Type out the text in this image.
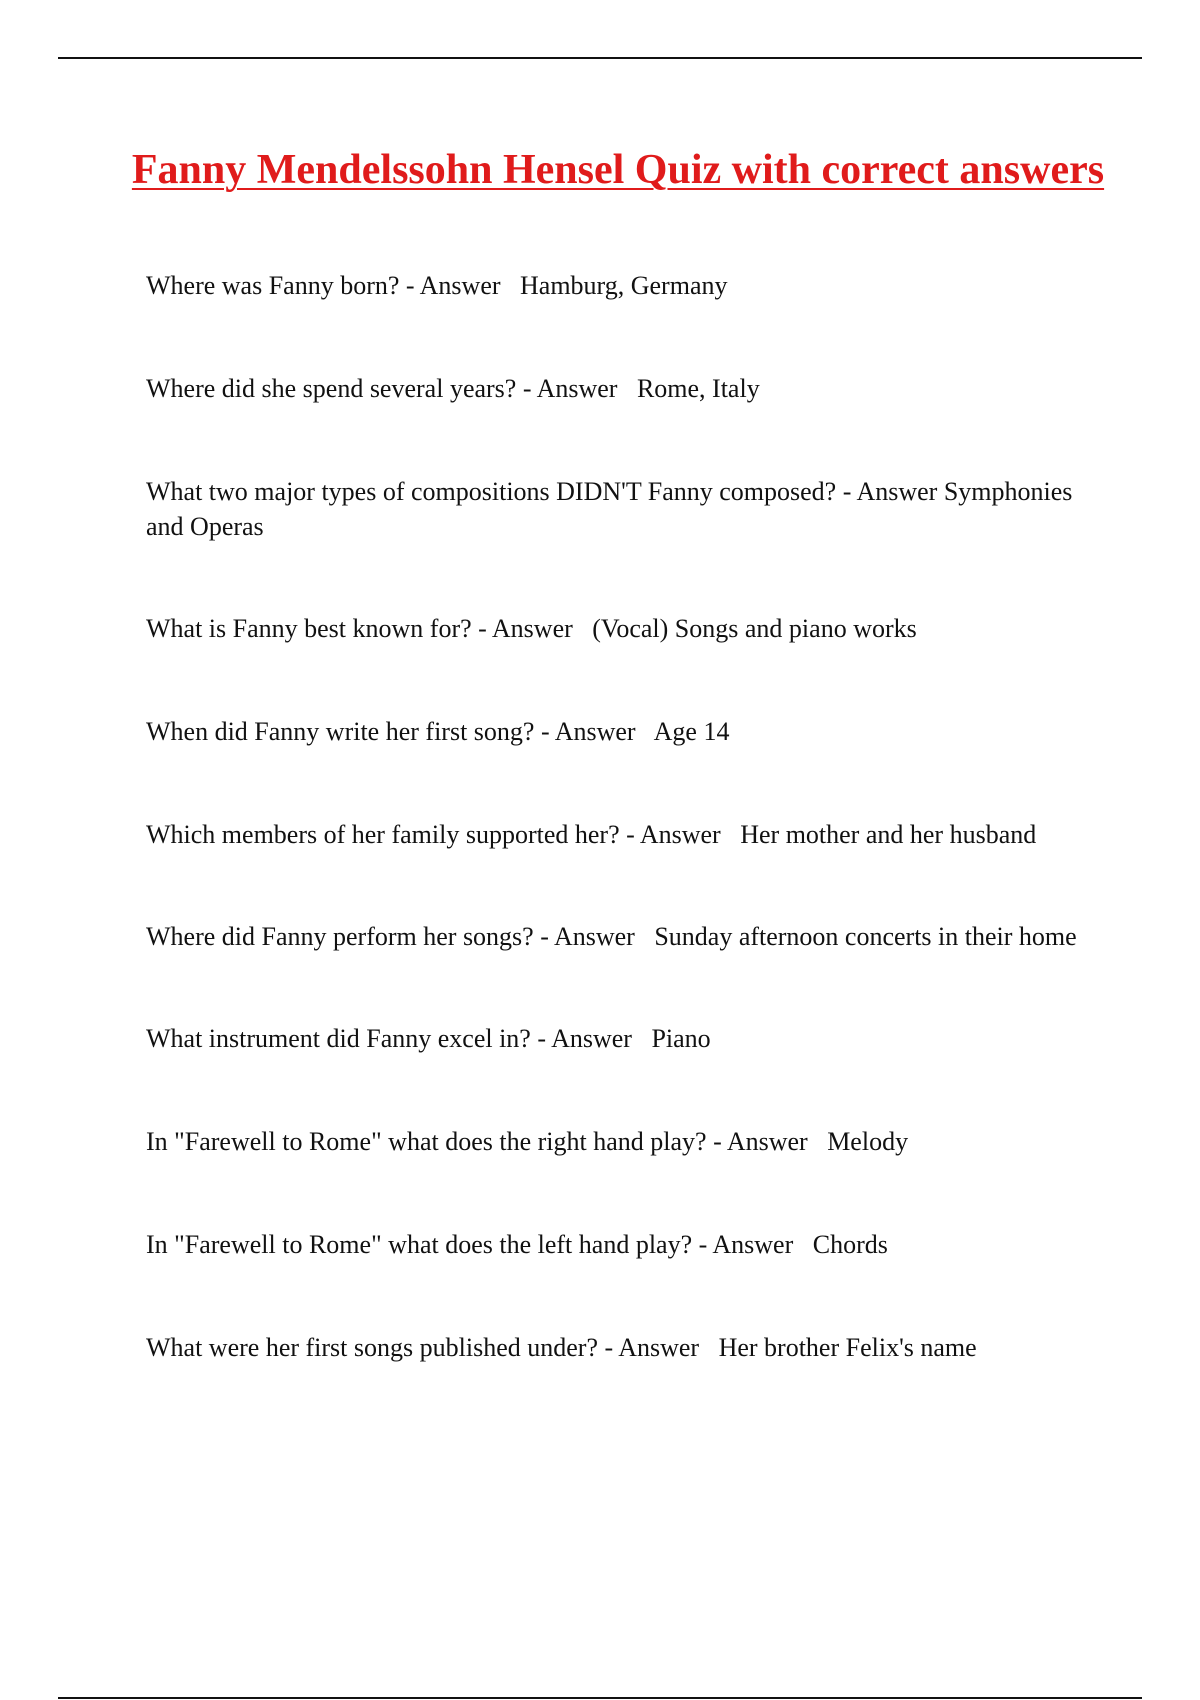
Fanny Mendelssohn Hensel Quiz with correct answers
Where was Fanny born? - Answer Hamburg, Germany
Where did she spend several years? - Answer Rome, Italy
What two major types of compositions DIDN'T Fanny composed? - Answer Symphonies and Operas
What is Fanny best known for? - Answer (Vocal) Songs and piano works
When did Fanny write her first song? - Answer Age 14
Which members of her family supported her? - Answer Her mother and her husband
Where did Fanny perform her songs? - Answer Sunday afternoon concerts in their home
What instrument did Fanny excel in? - Answer Piano
In "Farewell to Rome" what does the right hand play? - Answer Melody
In "Farewell to Rome" what does the left hand play? - Answer Chords
What were her first songs published under? - Answer Her brother Felix's name
